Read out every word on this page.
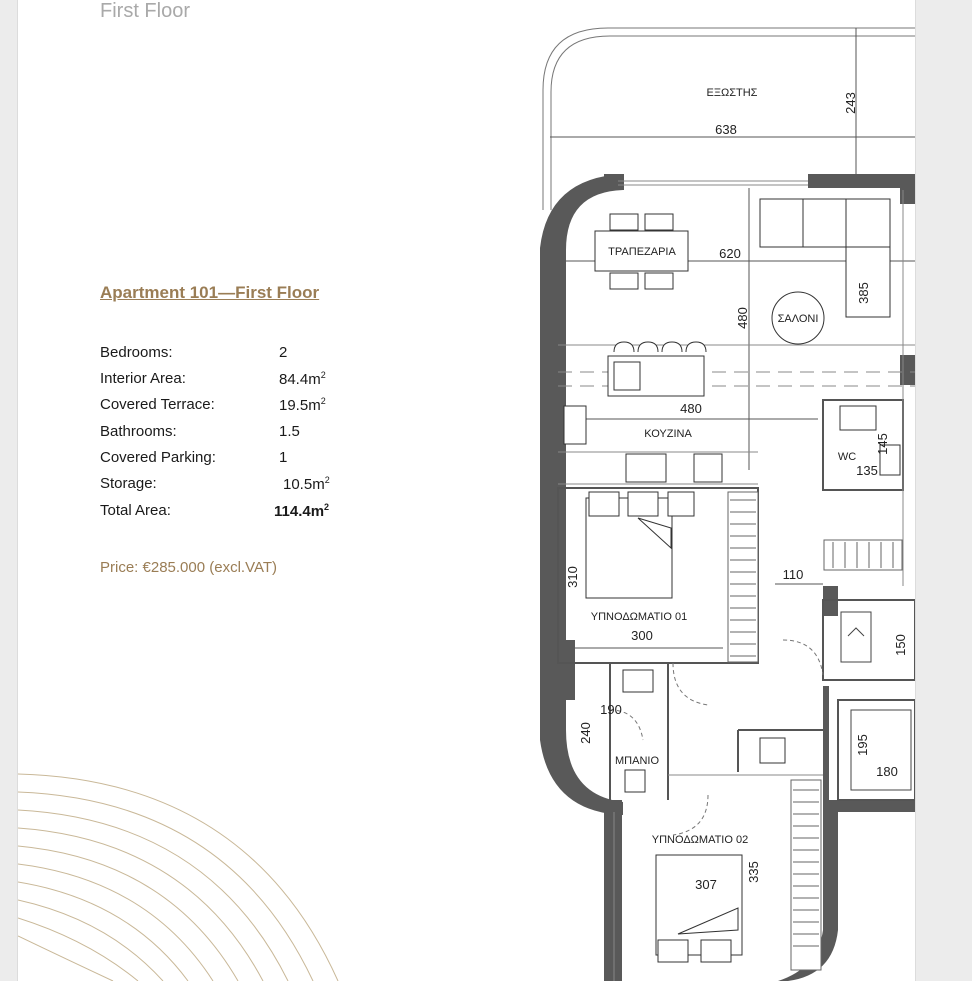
First Floor
Apartment 101—First Floor
Bedrooms:	2
Interior Area:	$84.4m^2$
Covered Terrace:	$19.5m^2$
Bathrooms:	1.5
Covered Parking:	1
Storage:	$10.5m^2$
Total Area:	$114.4m^2$
Price: €285.000 (excl.VAT)
ΕΞΩΣΤΗΣ
ΤΡΑΠΕΖΑΡΙΑ
ΣΑΛΟΝΙ
ΚΟΥΖΙΝΑ
WC
ΥΠΝΟΔΩΜΑΤΙΟ 01
ΜΠΑΝΙΟ
ΥΠΝΟΔΩΜΑΤΙΟ 02
638
620
480
135
110
300
190
180
307
243
480
385
145
310
150
240
195
335
